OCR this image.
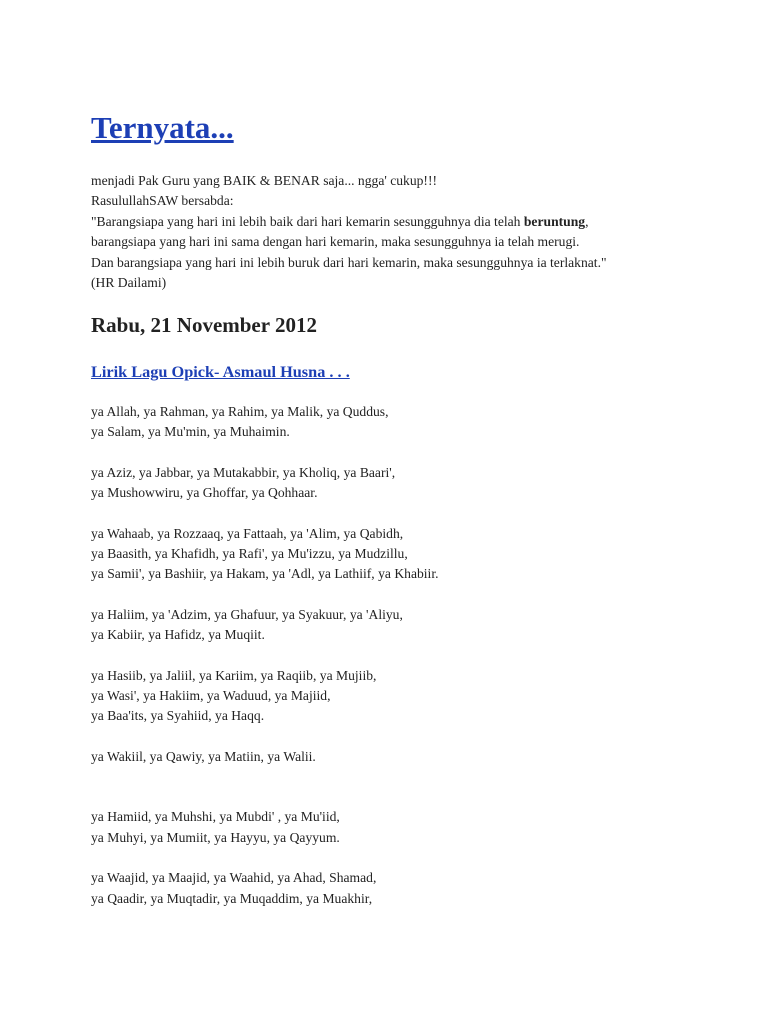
Ternyata...
menjadi Pak Guru yang BAIK & BENAR saja... ngga' cukup!!!
RasulullahSAW bersabda:
"Barangsiapa yang hari ini lebih baik dari hari kemarin sesungguhnya dia telah beruntung,
barangsiapa yang hari ini sama dengan hari kemarin, maka sesungguhnya ia telah merugi.
Dan barangsiapa yang hari ini lebih buruk dari hari kemarin, maka sesungguhnya ia terlaknat."
(HR Dailami)
Rabu, 21 November 2012
Lirik Lagu Opick- Asmaul Husna . . .
ya Allah, ya Rahman, ya Rahim, ya Malik, ya Quddus,
ya Salam, ya Mu'min, ya Muhaimin.
ya Aziz, ya Jabbar, ya Mutakabbir, ya Kholiq, ya Baari',
ya Mushowwiru, ya Ghoffar, ya Qohhaar.
ya Wahaab, ya Rozzaaq, ya Fattaah, ya 'Alim, ya Qabidh,
ya Baasith, ya Khafidh, ya Rafi', ya Mu'izzu, ya Mudzillu,
ya Samii', ya Bashiir, ya Hakam, ya 'Adl, ya Lathiif, ya Khabiir.
ya Haliim, ya 'Adzim, ya Ghafuur, ya Syakuur, ya 'Aliyu,
ya Kabiir, ya Hafidz, ya Muqiit.
ya Hasiib, ya Jaliil, ya Kariim, ya Raqiib, ya Mujiib,
ya Wasi', ya Hakiim, ya Waduud, ya Majiid,
ya Baa'its, ya Syahiid, ya Haqq.
ya Wakiil, ya Qawiy, ya Matiin, ya Walii.
ya Hamiid, ya Muhshi, ya Mubdi' , ya Mu'iid,
ya Muhyi, ya Mumiit, ya Hayyu, ya Qayyum.
ya Waajid, ya Maajid, ya Waahid, ya Ahad, Shamad,
ya Qaadir, ya Muqtadir, ya Muqaddim, ya Muakhir,
